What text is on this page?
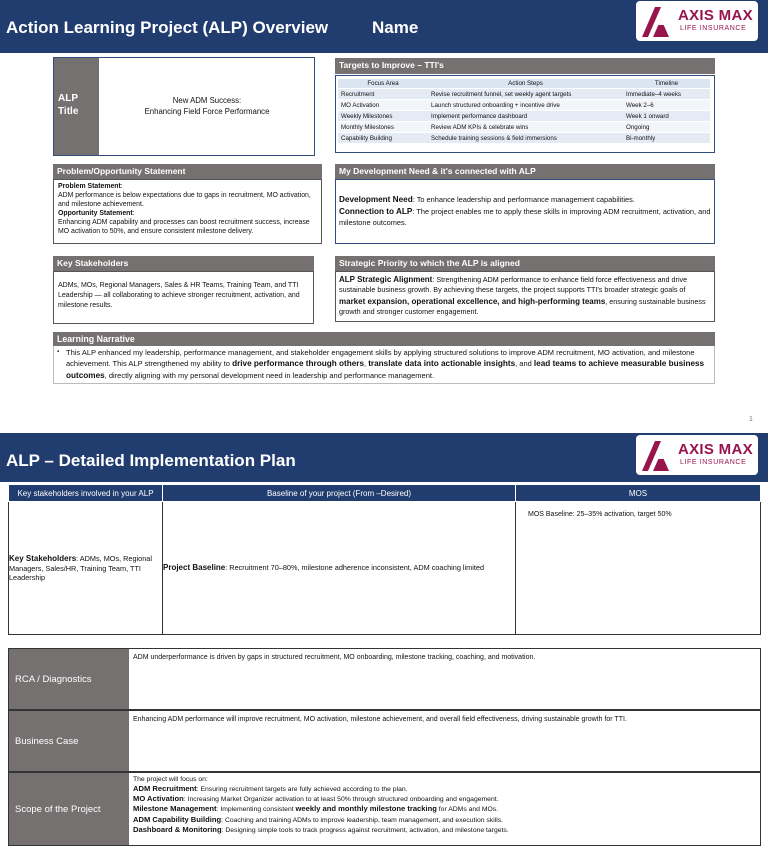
Action Learning Project (ALP) Overview	Name
AXIS MAX
LIFE INSURANCE
ALP Title
New ADM Success:
Enhancing Field Force Performance
Targets to Improve – TTI's
Focus Area	Action Steps	Timeline
Recruitment	Revise recruitment funnel, set weekly agent targets	Immediate–4 weeks
MO Activation	Launch structured onboarding + incentive drive	Week 2–6
Weekly Milestones	Implement performance dashboard	Week 1 onward
Monthly Milestones	Review ADM KPIs & celebrate wins	Ongoing
Capability Building	Schedule training sessions & field immersions	Bi-monthly
Problem/Opportunity Statement
Problem Statement:
ADM performance is below expectations due to gaps in recruitment, MO activation, and milestone achievement.
Opportunity Statement:
Enhancing ADM capability and processes can boost recruitment success, increase MO activation to 50%, and ensure consistent milestone delivery.
My Development Need & it's connected with ALP
Development Need: To enhance leadership and performance management capabilities.
Connection to ALP: The project enables me to apply these skills in improving ADM recruitment, activation, and milestone outcomes.
Key Stakeholders
ADMs, MOs, Regional Managers, Sales & HR Teams, Training Team, and TTI Leadership — all collaborating to achieve stronger recruitment, activation, and milestone results.
Strategic Priority to which the ALP is aligned
ALP Strategic Alignment: Strengthening ADM performance to enhance field force effectiveness and drive sustainable business growth. By achieving these targets, the project supports TTI's broader strategic goals of market expansion, operational excellence, and high-performing teams, ensuring sustainable business growth and stronger customer engagement.
Learning Narrative
▪ This ALP enhanced my leadership, performance management, and stakeholder engagement skills by applying structured solutions to improve ADM recruitment, MO activation, and milestone achievement. This ALP strengthened my ability to drive performance through others, translate data into actionable insights, and lead teams to achieve measurable business outcomes, directly aligning with my personal development need in leadership and performance management.
1
ALP – Detailed Implementation Plan
AXIS MAX
LIFE INSURANCE
Key stakeholders involved in your ALP	Baseline of your project (From –Desired)	MOS
Key Stakeholders: ADMs, MOs, Regional Managers, Sales/HR, Training Team, TTI Leadership	Project Baseline: Recruitment 70–80%, milestone adherence inconsistent, ADM coaching limited	MOS Baseline: 25–35% activation, target 50%
RCA / Diagnostics
ADM underperformance is driven by gaps in structured recruitment, MO onboarding, milestone tracking, coaching, and motivation.
Business Case
Enhancing ADM performance will improve recruitment, MO activation, milestone achievement, and overall field effectiveness, driving sustainable growth for TTI.
Scope of the Project
The project will focus on:
ADM Recruitment: Ensuring recruitment targets are fully achieved according to the plan.
MO Activation: Increasing Market Organizer activation to at least 50% through structured onboarding and engagement.
Milestone Management: Implementing consistent weekly and monthly milestone tracking for ADMs and MOs.
ADM Capability Building: Coaching and training ADMs to improve leadership, team management, and execution skills.
Dashboard & Monitoring: Designing simple tools to track progress against recruitment, activation, and milestone targets.
